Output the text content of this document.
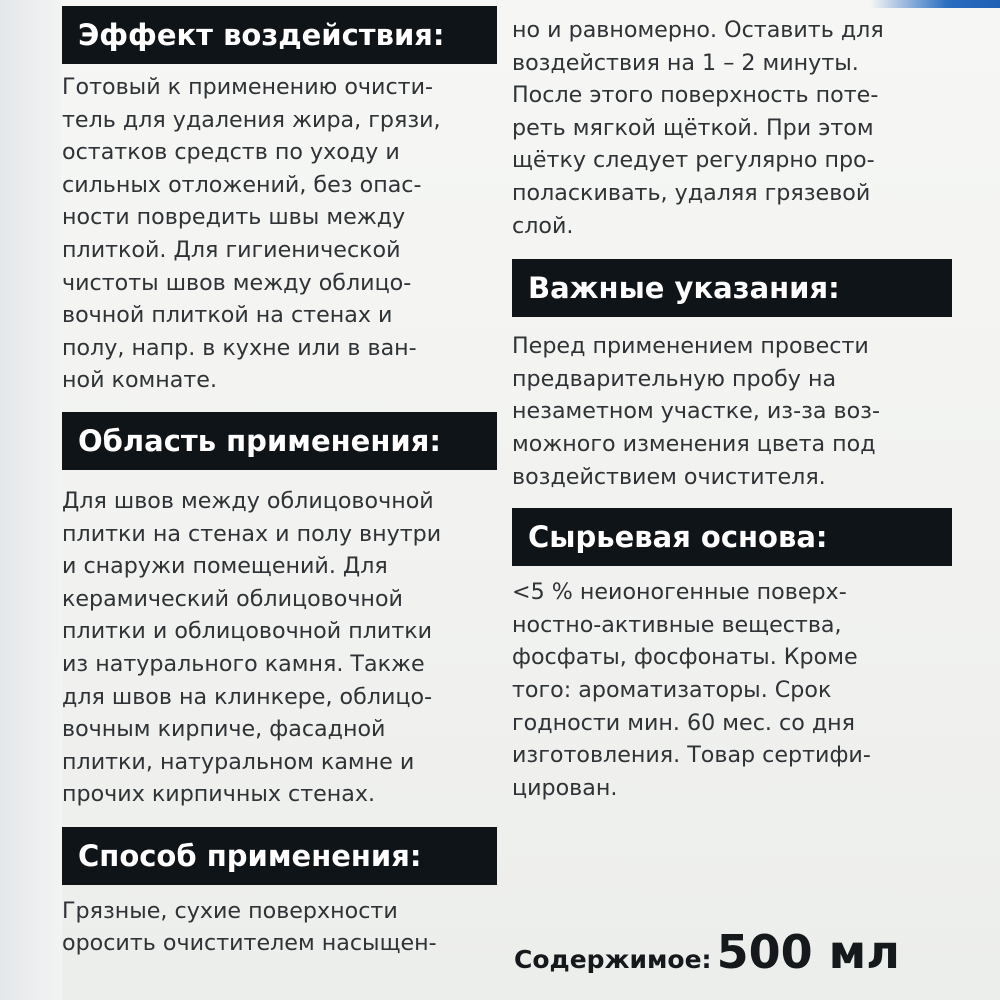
Эффект воздействия:

Готовый к применению очисти-
тель для удаления жира, грязи,
остатков средств по уходу и
сильных отложений, без опас-
ности повредить швы между
плиткой. Для гигиенической
чистоты швов между облицо-
вочной плиткой на стенах и
полу, напр. в кухне или в ван-
ной комнате.

Область применения:

Для швов между облицовочной
плитки на стенах и полу внутри
и снаружи помещений. Для
керамический облицовочной
плитки и облицовочной плитки
из натурального камня. Также
для швов на клинкере, облицо-
вочным кирпиче, фасадной
плитки, натуральном камне и
прочих кирпичных стенах.

Способ применения:

Грязные, сухие поверхности
оросить очистителем насыщен-

но и равномерно. Оставить для
воздействия на 1 – 2 минуты.
После этого поверхность поте-
реть мягкой щёткой. При этом
щётку следует регулярно про-
поласкивать, удаляя грязевой
слой.

Важные указания:

Перед применением провести
предварительную пробу на
незаметном участке, из-за воз-
можного изменения цвета под
воздействием очистителя.

Сырьевая основа:

<5 % неионогенные поверх-
ностно-активные вещества,
фосфаты, фосфонаты. Кроме
того: ароматизаторы. Срок
годности мин. 60 мес. со дня
изготовления. Товар сертифи-
цирован.

Содержимое: 500 мл
